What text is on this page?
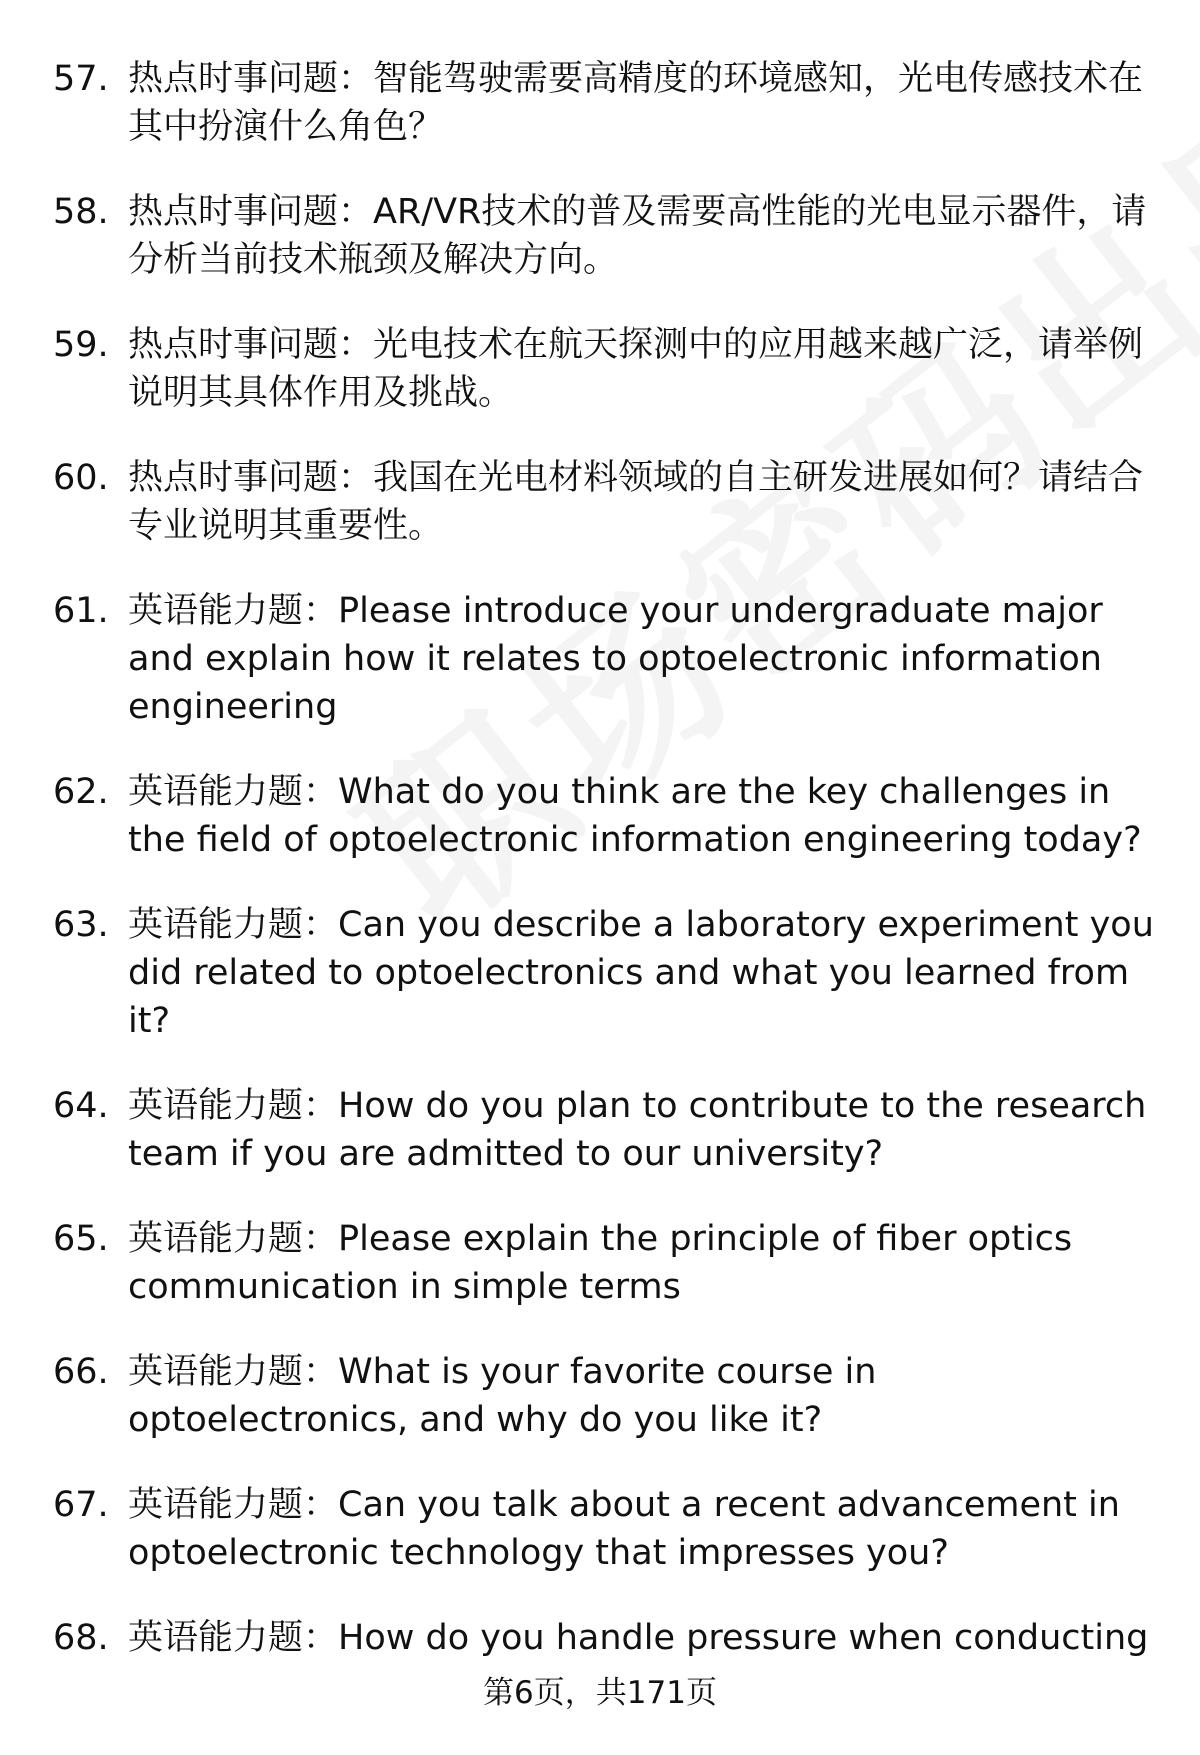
57. 热点时事问题：智能驾驶需要高精度的环境感知，光电传感技术在其中扮演什么角色？
58. 热点时事问题：AR/VR技术的普及需要高性能的光电显示器件，请分析当前技术瓶颈及解决方向。
59. 热点时事问题：光电技术在航天探测中的应用越来越广泛，请举例说明其具体作用及挑战。
60. 热点时事问题：我国在光电材料领域的自主研发进展如何？请结合专业说明其重要性。
61. 英语能力题：Please introduce your undergraduate major and explain how it relates to optoelectronic information engineering
62. 英语能力题：What do you think are the key challenges in the field of optoelectronic information engineering today?
63. 英语能力题：Can you describe a laboratory experiment you did related to optoelectronics and what you learned from it?
64. 英语能力题：How do you plan to contribute to the research team if you are admitted to our university?
65. 英语能力题：Please explain the principle of fiber optics communication in simple terms
66. 英语能力题：What is your favorite course in optoelectronics, and why do you like it?
67. 英语能力题：Can you talk about a recent advancement in optoelectronic technology that impresses you?
68. 英语能力题：How do you handle pressure when conducting
第6页，共171页
